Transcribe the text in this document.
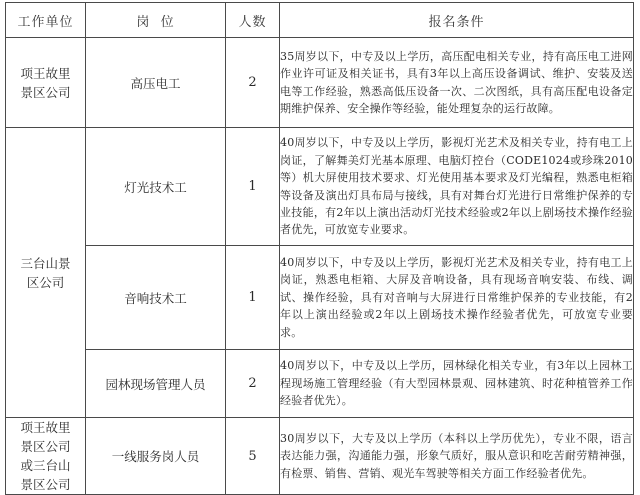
工作单位	岗  位	人数	报名条件
项王故里景区公司	高压电工	2	35周岁以下，中专及以上学历，高压配电相关专业，持有高压电工进网作业许可证及相关证书，具有3年以上高压设备调试、维护、安装及送电等工作经验，熟悉高低压设备一次、二次图纸，具有高压配电设备定期维护保养、安全操作等经验，能处理复杂的运行故障。
三台山景区公司	灯光技术工	1	40周岁以下，中专及以上学历，影视灯光艺术及相关专业，持有电工上岗证，了解舞美灯光基本原理、电脑灯控台（CODE1024或珍珠2010等）机大屏使用技术要求、灯光使用基本要求及灯光编程，熟悉电柜箱等设备及演出灯具布局与接线，具有对舞台灯光进行日常维护保养的专业技能，有2年以上演出活动灯光技术经验或2年以上剧场技术操作经验者优先，可放宽专业要求。
	音响技术工	1	40周岁以下，中专及以上学历，影视灯光艺术及相关专业，持有电工上岗证，熟悉电柜箱、大屏及音响设备，具有现场音响安装、布线、调试、操作经验，具有对音响与大屏进行日常维护保养的专业技能，有2年以上演出经验或2年以上剧场技术操作经验者优先，可放宽专业要求。
	园林现场管理人员	2	40周岁以下，中专及以上学历，园林绿化相关专业，有3年以上园林工程现场施工管理经验（有大型园林景观、园林建筑、时花种植管养工作经验者优先）。
项王故里景区公司或三台山景区公司	一线服务岗人员	5	30周岁以下，大专及以上学历（本科以上学历优先），专业不限，语言表达能力强，沟通能力强，形象气质好，服从意识和吃苦耐劳精神强，有检票、销售、营销、观光车驾驶等相关方面工作经验者优先。
